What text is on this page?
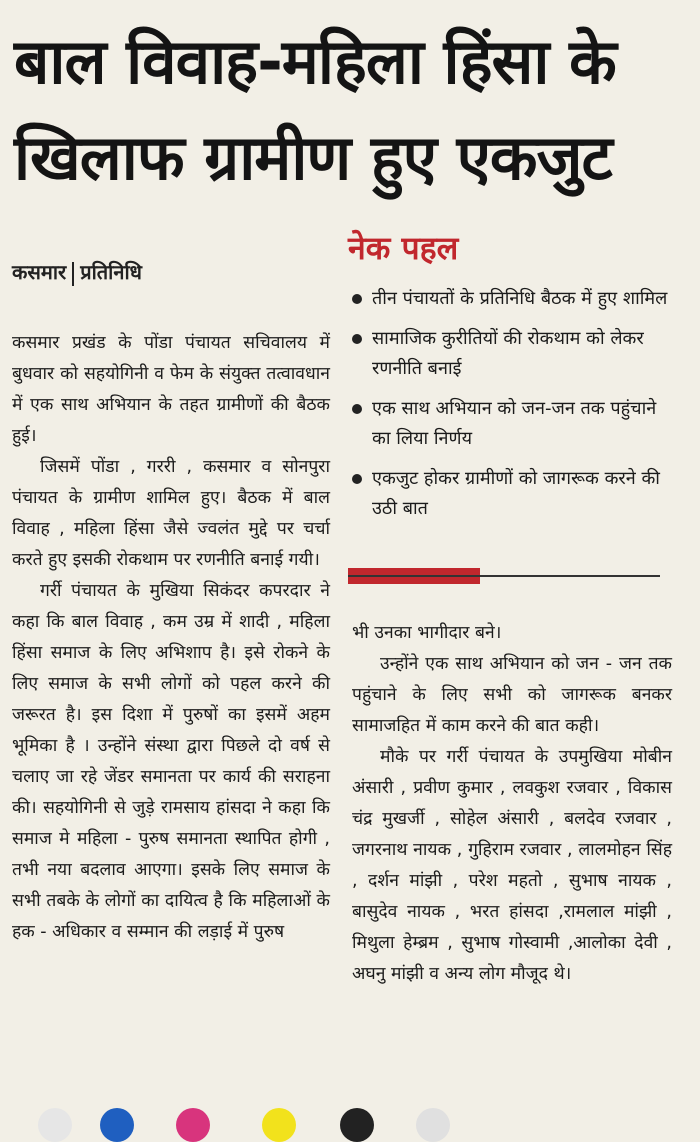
बाल विवाह-महिला हिंसा के
खिलाफ ग्रामीण हुए एकजुट
कसमार प्रतिनिधि

कसमार प्रखंड के पोंडा पंचायत सचिवालय में बुधवार को सहयोगिनी व फेम के संयुक्त तत्वावधान में एक साथ अभियान के तहत ग्रामीणों की बैठक हुई।

जिसमें पोंडा , गररी , कसमार व सोनपुरा पंचायत के ग्रामीण शामिल हुए। बैठक में बाल विवाह , महिला हिंसा जैसे ज्वलंत मुद्दे पर चर्चा करते हुए इसकी रोकथाम पर रणनीति बनाई गयी।

गर्री पंचायत के मुखिया सिकंदर कपरदार ने कहा कि बाल विवाह , कम उम्र में शादी , महिला हिंसा समाज के लिए अभिशाप है। इसे रोकने के लिए समाज के सभी लोगों को पहल करने की जरूरत है। इस दिशा में पुरुषों का इसमें अहम भूमिका है । उन्होंने संस्था द्वारा पिछले दो वर्ष से चलाए जा रहे जेंडर समानता पर कार्य की सराहना की। सहयोगिनी से जुड़े रामसाय हांसदा ने कहा कि समाज मे महिला - पुरुष समानता स्थापित होगी , तभी नया बदलाव आएगा। इसके लिए समाज के सभी तबके के लोगों का दायित्व है कि महिलाओं के हक - अधिकार व सम्मान की लड़ाई में पुरुष

नेक पहल
तीन पंचायतों के प्रतिनिधि बैठक में हुए शामिल
सामाजिक कुरीतियों की रोकथाम को लेकर रणनीति बनाई
एक साथ अभियान को जन-जन तक पहुंचाने का लिया निर्णय
एकजुट होकर ग्रामीणों को जागरूक करने की उठी बात

भी उनका भागीदार बने।

उन्होंने एक साथ अभियान को जन - जन तक पहुंचाने के लिए सभी को जागरूक बनकर सामाजहित में काम करने की बात कही।

मौके पर गर्री पंचायत के उपमुखिया मोबीन अंसारी , प्रवीण कुमार , लवकुश रजवार , विकास चंद्र मुखर्जी , सोहेल अंसारी , बलदेव रजवार , जगरनाथ नायक , गुहिराम रजवार , लालमोहन सिंह , दर्शन मांझी , परेश महतो , सुभाष नायक , बासुदेव नायक , भरत हांसदा ,रामलाल मांझी , मिथुला हेम्ब्रम , सुभाष गोस्वामी ,आलोका देवी , अघनु मांझी व अन्य लोग मौजूद थे।
